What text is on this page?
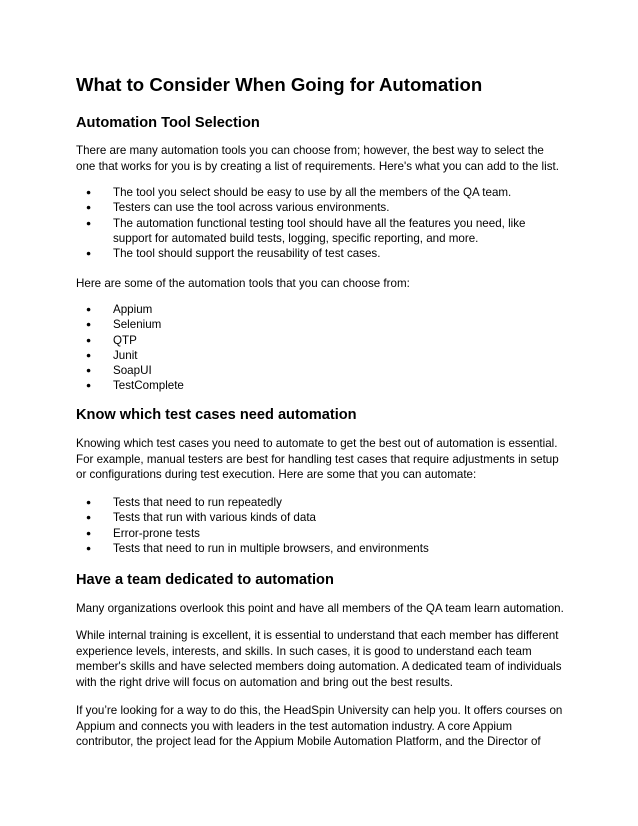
What to Consider When Going for Automation
Automation Tool Selection

There are many automation tools you can choose from; however, the best way to select the one that works for you is by creating a list of requirements. Here's what you can add to the list.

● The tool you select should be easy to use by all the members of the QA team.
● Testers can use the tool across various environments.
● The automation functional testing tool should have all the features you need, like support for automated build tests, logging, specific reporting, and more.
● The tool should support the reusability of test cases.

Here are some of the automation tools that you can choose from:

● Appium
● Selenium
● QTP
● Junit
● SoapUI
● TestComplete
Know which test cases need automation

Knowing which test cases you need to automate to get the best out of automation is essential. For example, manual testers are best for handling test cases that require adjustments in setup or configurations during test execution. Here are some that you can automate:

● Tests that need to run repeatedly
● Tests that run with various kinds of data
● Error-prone tests
● Tests that need to run in multiple browsers, and environments
Have a team dedicated to automation

Many organizations overlook this point and have all members of the QA team learn automation.

While internal training is excellent, it is essential to understand that each member has different experience levels, interests, and skills. In such cases, it is good to understand each team member's skills and have selected members doing automation. A dedicated team of individuals with the right drive will focus on automation and bring out the best results.

If you’re looking for a way to do this, the HeadSpin University can help you. It offers courses on Appium and connects you with leaders in the test automation industry. A core Appium contributor, the project lead for the Appium Mobile Automation Platform, and the Director of
